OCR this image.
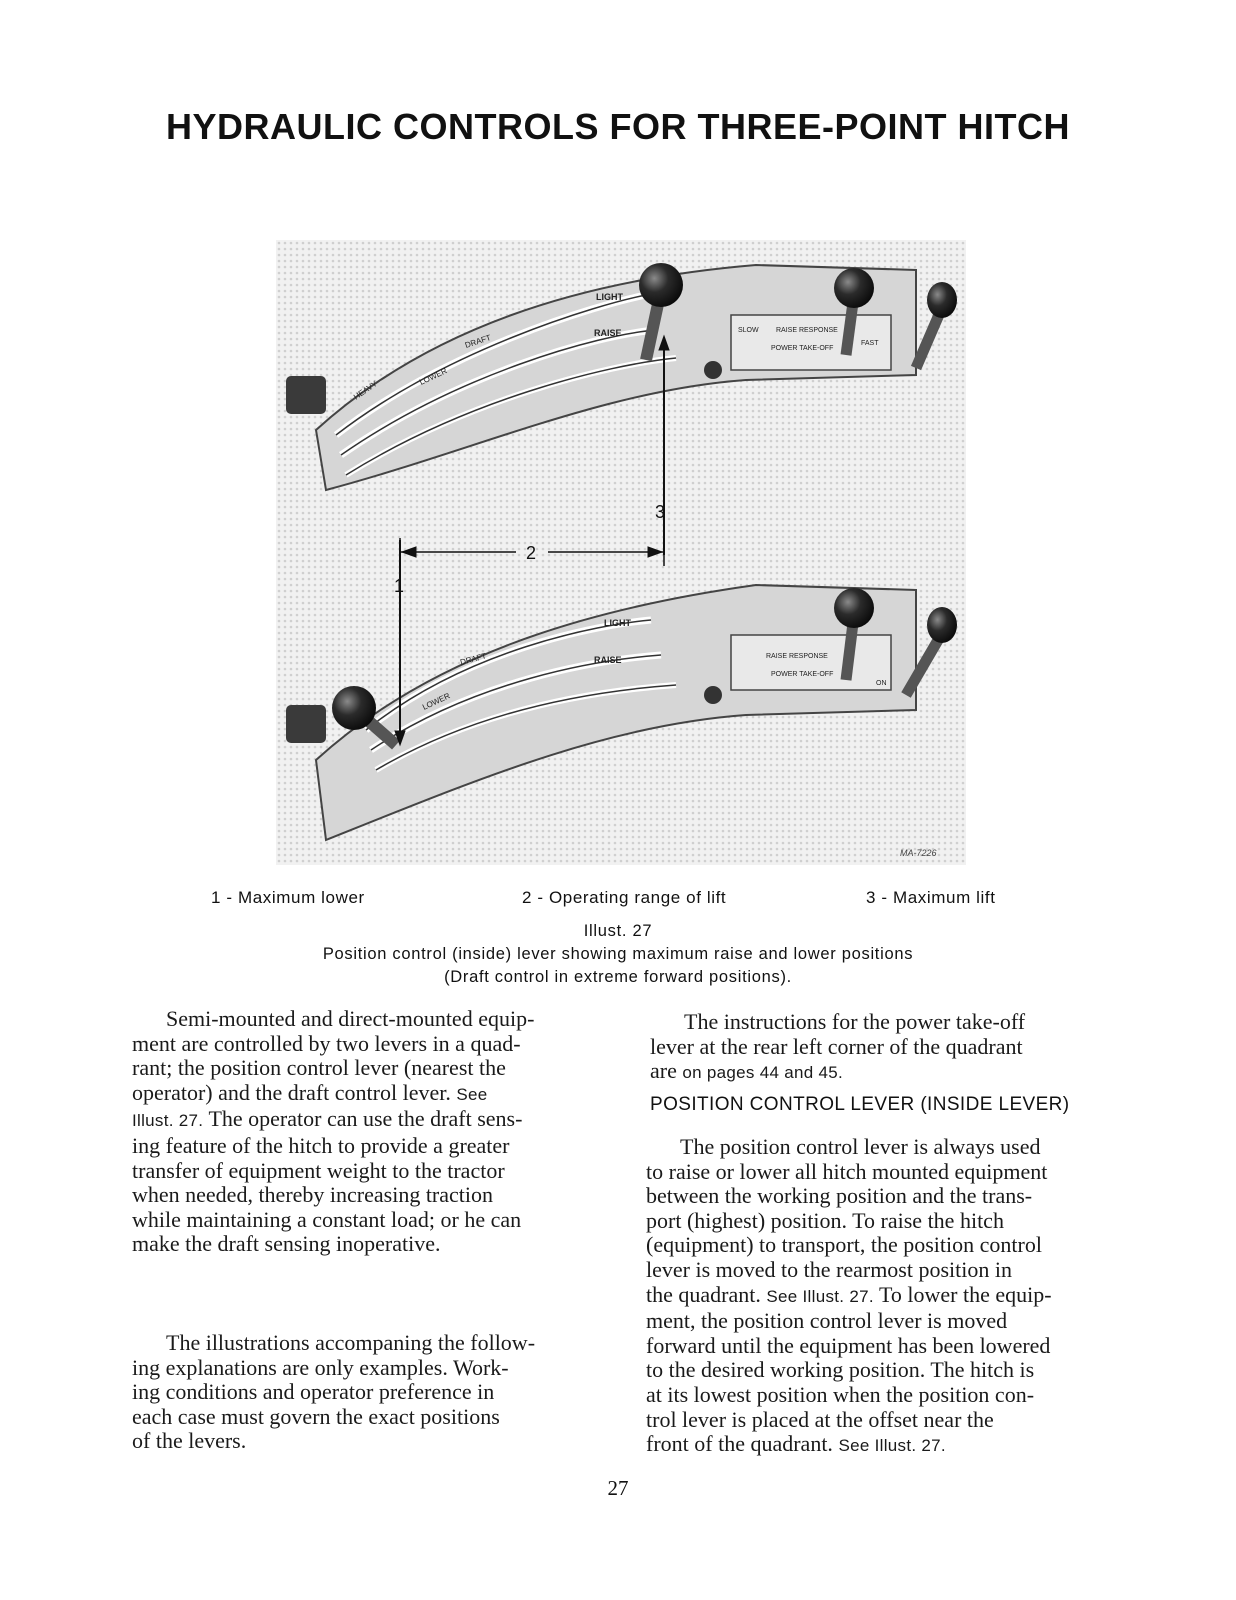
HYDRAULIC CONTROLS FOR THREE-POINT HITCH
LIGHT
DRAFT
RAISE
LOWER
HEAVY
SLOW RAISE RESPONSE
FAST
POWER TAKE-OFF
LIGHT
DRAFT	RAISE
LOWER
RAISE RESPONSE
POWER TAKE-OFF
ON
3
2
1
MA-7226
1 - Maximum lower	2 - Operating range of lift	3 - Maximum lift
Illust. 27
Position control (inside) lever showing maximum raise and lower positions
(Draft control in extreme forward positions).

Semi-mounted and direct-mounted equip-
ment are controlled by two levers in a quad-
rant; the position control lever (nearest the
operator) and the draft control lever. See
Illust. 27. The operator can use the draft sens-
ing feature of the hitch to provide a greater
transfer of equipment weight to the tractor
when needed, thereby increasing traction
while maintaining a constant load; or he can
make the draft sensing inoperative.

The illustrations accompaning the follow-
ing explanations are only examples. Work-
ing conditions and operator preference in
each case must govern the exact positions
of the levers.
The instructions for the power take-off
lever at the rear left corner of the quadrant
are on pages 44 and 45.
POSITION CONTROL LEVER (INSIDE LEVER)
The position control lever is always used
to raise or lower all hitch mounted equipment
between the working position and the trans-
port (highest) position. To raise the hitch
(equipment) to transport, the position control
lever is moved to the rearmost position in
the quadrant. See Illust. 27. To lower the equip-
ment, the position control lever is moved
forward until the equipment has been lowered
to the desired working position. The hitch is
at its lowest position when the position con-
trol lever is placed at the offset near the
front of the quadrant. See Illust. 27.
27
